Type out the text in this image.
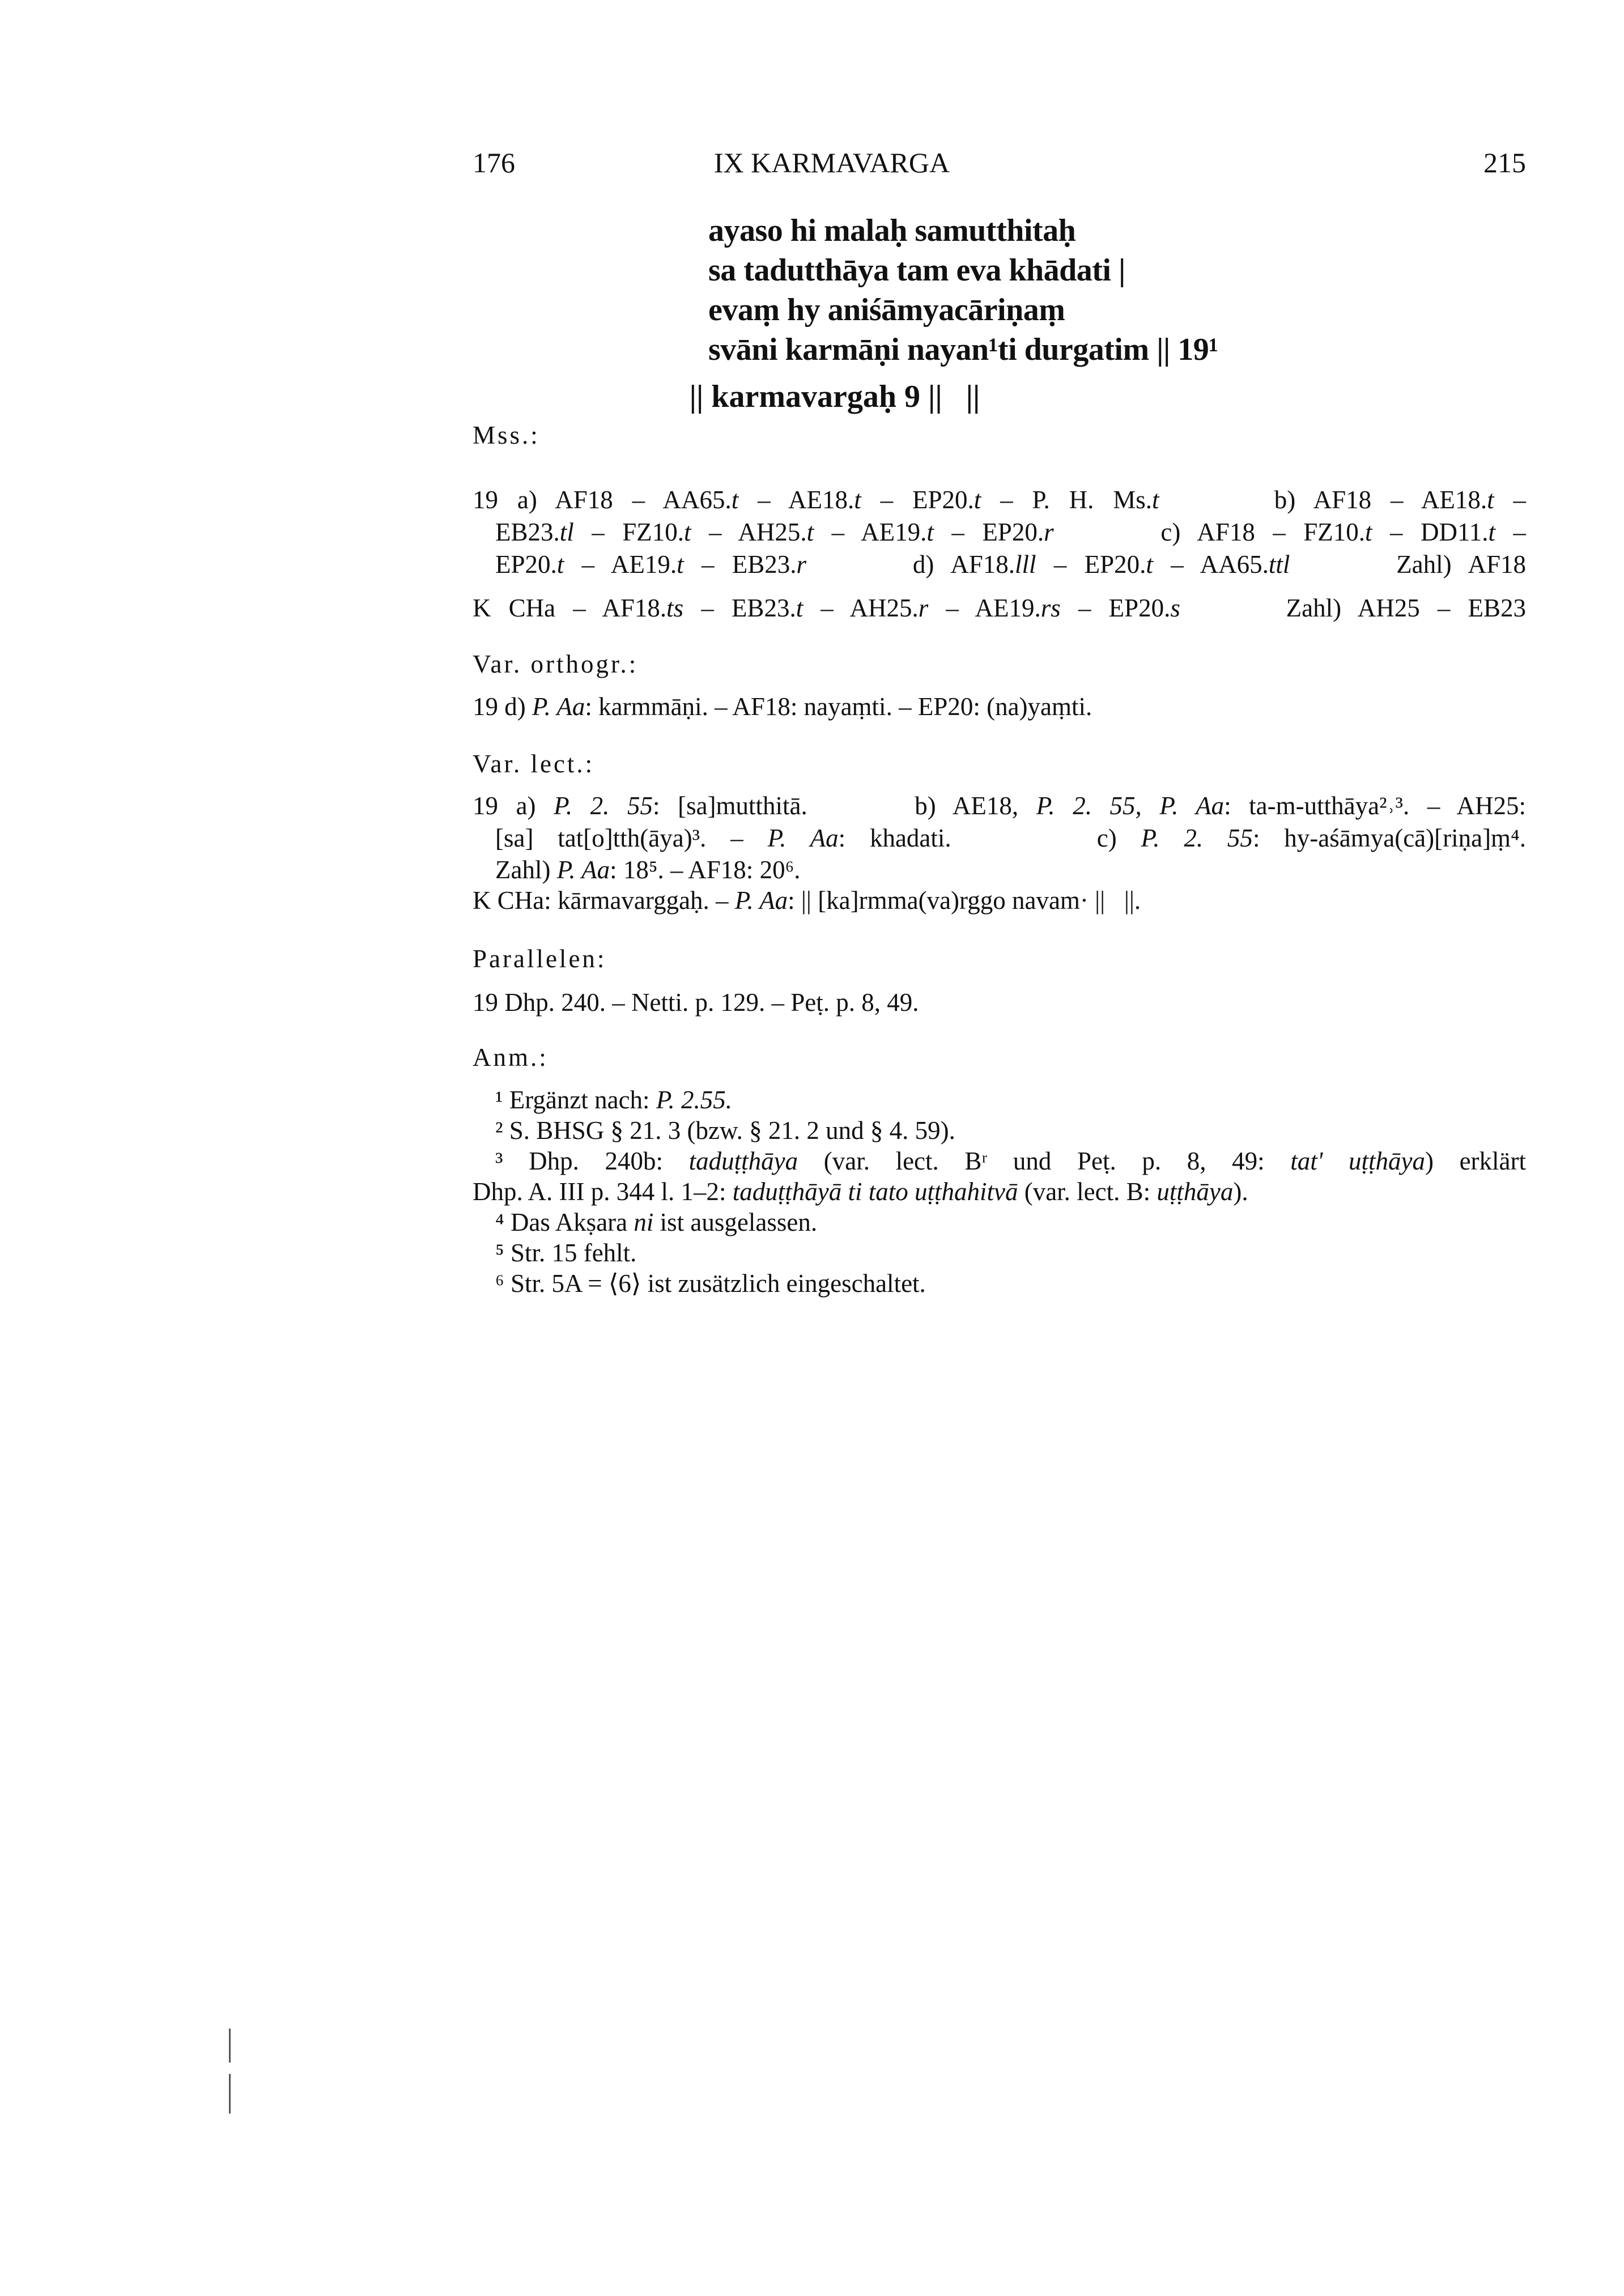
176	IX KARMAVARGA	215
ayaso hi malaḥ samutthitaḥ
sa tadutthāya tam eva khādati |
evaṃ hy aniśāmyacāriṇaṃ
svāni karmāṇi nayan¹ti durgatim || 19¹
|| karmavargaḥ 9 ||   ||
Mss.:
19 a) AF18 – AA65.t – AE18.t – EP20.t – P. H. Ms.t      b) AF18 – AE18.t –
EB23.tl – FZ10.t – AH25.t – AE19.t – EP20.r      c) AF18 – FZ10.t – DD11.t –
EP20.t – AE19.t – EB23.r      d) AF18.lll – EP20.t – AA65.ttl      Zahl) AF18
K CHa – AF18.ts – EB23.t – AH25.r – AE19.rs – EP20.s      Zahl) AH25 – EB23
Var. orthogr.:
19 d) P. Aa: karmmāṇi. – AF18: nayaṃti. – EP20: (na)yaṃti.
Var. lect.:
19 a) P. 2. 55: [sa]mutthitā.      b) AE18, P. 2. 55, P. Aa: ta-m-utthāya²˒³. – AH25:
[sa] tat[o]tth(āya)³. – P. Aa: khadati.      c) P. 2. 55: hy-aśāmya(cā)[riṇa]ṃ⁴.
Zahl) P. Aa: 18⁵. – AF18: 20⁶.
K CHa: kārmavarggaḥ. – P. Aa: || [ka]rmma(va)rggo navam· ||   ||.
Parallelen:
19 Dhp. 240. – Netti. p. 129. – Peṭ. p. 8, 49.
Anm.:
¹ Ergänzt nach: P. 2.55.
² S. BHSG § 21. 3 (bzw. § 21. 2 und § 4. 59).
³ Dhp. 240b: taduṭṭhāya (var. lect. Bʳ und Peṭ. p. 8, 49: tat' uṭṭhāya) erklärt
Dhp. A. III p. 344 l. 1–2: taduṭṭhāyā ti tato uṭṭhahitvā (var. lect. B: uṭṭhāya).
⁴ Das Akṣara ni ist ausgelassen.
⁵ Str. 15 fehlt.
⁶ Str. 5A = ⟨6⟩ ist zusätzlich eingeschaltet.
